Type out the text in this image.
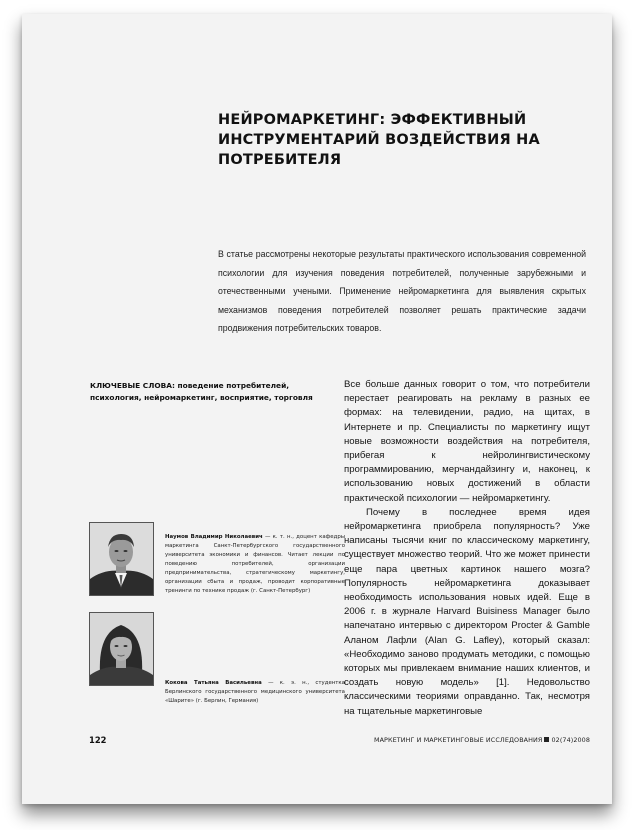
НЕЙРОМАРКЕТИНГ: ЭФФЕКТИВНЫЙ ИНСТРУМЕНТАРИЙ ВОЗДЕЙСТВИЯ НА ПОТРЕБИТЕЛЯ
В статье рассмотрены некоторые результаты практического использования современной психологии для изучения поведения потребителей, полученные зарубежными и отечественными учеными. Применение нейромаркетинга для выявления скрытых механизмов поведения потребителей позволяет решать практические задачи продвижения потребительских товаров.
КЛЮЧЕВЫЕ СЛОВА: поведение потребителей, психология, нейромаркетинг, восприятие, торговля

Все больше данных говорит о том, что потребители перестает реагировать на рекламу в разных ее формах: на телевидении, радио, на щитах, в Интернете и пр. Специалисты по маркетингу ищут новые возможности воздействия на потребителя, прибегая к нейролингвистическому программированию, мерчандайзингу и, наконец, к использованию новых достижений в области практической психологии — нейромаркетингу.

Почему в последнее время идея нейромаркетинга приобрела популярность? Уже написаны тысячи книг по классическому маркетингу, существует множество теорий. Что же может принести еще пара цветных картинок нашего мозга? Популярность нейромаркетинга доказывает необходимость использования новых идей. Еще в 2006 г. в журнале Harvard Buisiness Manager было напечатано интервью с директором Procter & Gamble Аланом Лафли (Alan G. Lafley), который сказал: «Необходимо заново продумать методики, с помощью которых мы привлекаем внимание наших клиентов, и создать новую модель» [1]. Недовольство классическими теориями оправданно. Так, несмотря на тщательные маркетинговые

Наумов Владимир Николаевич — к. т. н., доцент кафедры маркетинга Санкт-Петербургского государственного университета экономики и финансов. Читает лекции по поведению потребителей, организации предпринимательства, стратегическому маркетингу, организации сбыта и продаж, проводит корпоративные тренинги по технике продаж (г. Санкт-Петербург)
Кокова Татьяна Васильевна — к. э. н., студентка Берлинского государственного медицинского университета «Шарите» (г. Берлин, Германия)
122	МАРКЕТИНГ И МАРКЕТИНГОВЫЕ ИССЛЕДОВАНИЯ 02(74)2008
